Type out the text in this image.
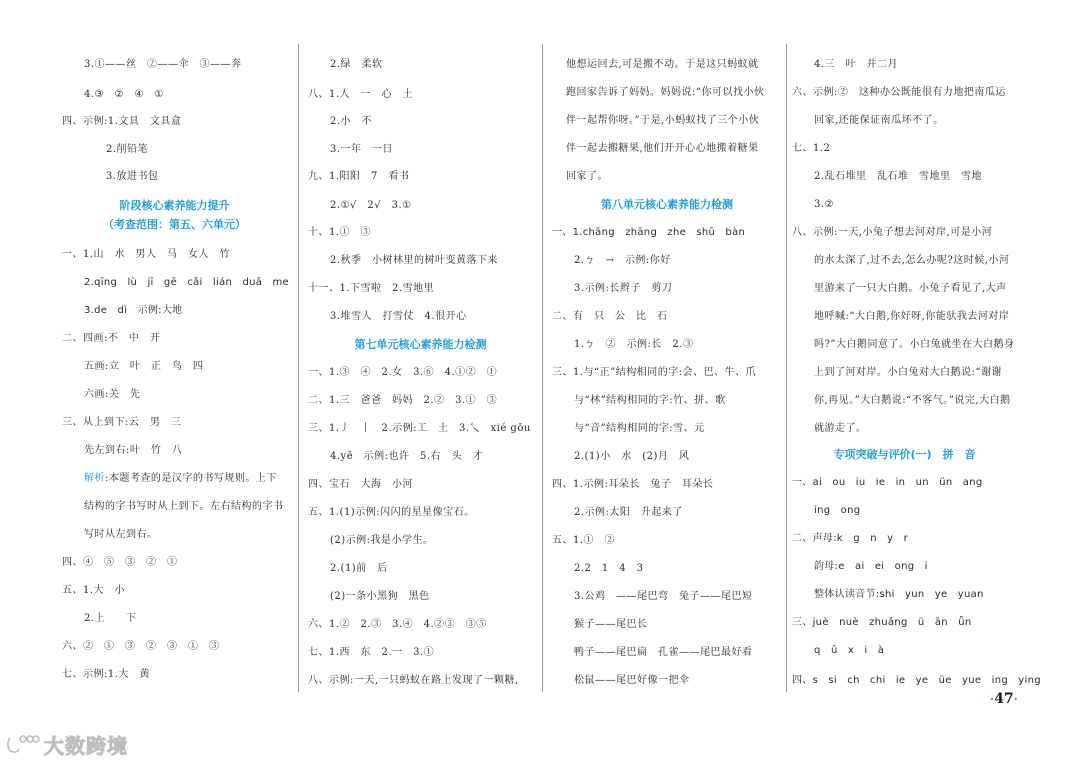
3.①——丝　②——伞　③——奔
4.③　②　④　①
四、示例:1.文具　文具盒
2.削铅笔
3.放进书包
阶段核心素养能力提升
（考查范围：第五、六单元）
一、1.山　水　男人　马　女人　竹
2.qīng　lù　jī　gē　cǎi　lián　duǎ　me
3.de　dì　示例:大地
二、四画:不　中　开
五画:立　叶　正　鸟　四
六画:关　先
三、从上到下:云　男　三
先左到右:叶　竹　八
解析:本题考查的是汉字的书写规则。上下
结构的字书写时从上到下。左右结构的字书
写时从左到右。
四、④　⑤　③　②　①
五、1.大　小
2.上　　下
六、②　①　③　②　③　①　③
七、示例:1.大　黄
2.绿　柔软
八、1.人　一　心　土
2.小　不
3.一年　一日
九、1.阳阳　7　看书
2.①√　2√　3.①
十、1.①　③
2.秋季　小树林里的树叶变黄落下来
十一、1.下雪啦　2.雪地里
3.堆雪人　打雪仗　4.很开心
第七单元核心素养能力检测
一、1.③　④　2.女　3.⑥　4.①②　①
二、1.三　爸爸　妈妈　2.②　3.①　③
三、1.丿　丨　2.示例:工　土　3.乀　xié gōu
4.yě　示例:也许　5.右　头　才
四、宝石　大海　小河
五、1.(1)示例:闪闪的星星像宝石。
(2)示例:我是小学生。
2.(1)前　后
(2)一条小黑狗　黑色
六、1.②　2.③　3.④　4.②③　③⑤
七、1.西　东　2.一　3.①
八、示例:一天,一只蚂蚁在路上发现了一颗糖,
他想运回去,可是搬不动。于是这只蚂蚁就
跑回家告诉了妈妈。妈妈说:“你可以找小伙
伴一起帮你呀。”于是,小蚂蚁找了三个小伙
伴一起去搬糖果,他们开开心心地搬着糖果
回家了。
第八单元核心素养能力检测
一、1.chāng　zhāng　zhe　shū　bàn
2.ㄅ　→　示例:你好
3.示例:长辫子　剪刀
二、有　只　公　比　石
1.ㄅ　②　示例:长　2.③
三、1.与“正”结构相同的字:会、巴、牛、爪
与“林”结构相同的字:竹、拼、歌
与“音”结构相同的字:雪、元
2.(1)小　水　(2)月　风
四、1.示例:耳朵长　兔子　耳朵长
2.示例:太阳　升起来了
五、1.①　②
2.2　1　4　3
3.公鸡　——尾巴弯　兔子——尾巴短
猴子——尾巴长
鸭子——尾巴扁　孔雀——尾巴最好看
松鼠——尾巴好像一把伞
4.三　叶　并二月
六、示例:②　这种办公既能很有力地把南瓜运
回家,还能保证南瓜坏不了。
七、1.2
2.乱石堆里　乱石堆　雪地里　雪地
3.②
八、示例:一天,小兔子想去河对岸,可是小河
的水太深了,过不去,怎么办呢?这时候,小河
里游来了一只大白鹅。小兔子看见了,大声
地呼喊:“大白鹅,你好呀,你能驮我去河对岸
吗?”大白鹅同意了。小白兔就坐在大白鹅身
上到了河对岸。小白兔对大白鹅说:“谢谢
你,再见。”大白鹅说:“不客气。”说完,大白鹅
就游走了。
专项突破与评价(一)　拼　音
一、ai　ou　iu　ie　in　un　ün　ang
ing　ong
二、声母:k　g　n　y　r
韵母:e　ai　ei　ong　i
整体认读音节:shi　yun　ye　yuan
三、juè　nuè　zhuǎng　ü　ān　ǖn
q　ū　x　i　à
四、s　si　ch　chi　ie　ye　üe　yue　ing　ying
·47·
大数跨境
